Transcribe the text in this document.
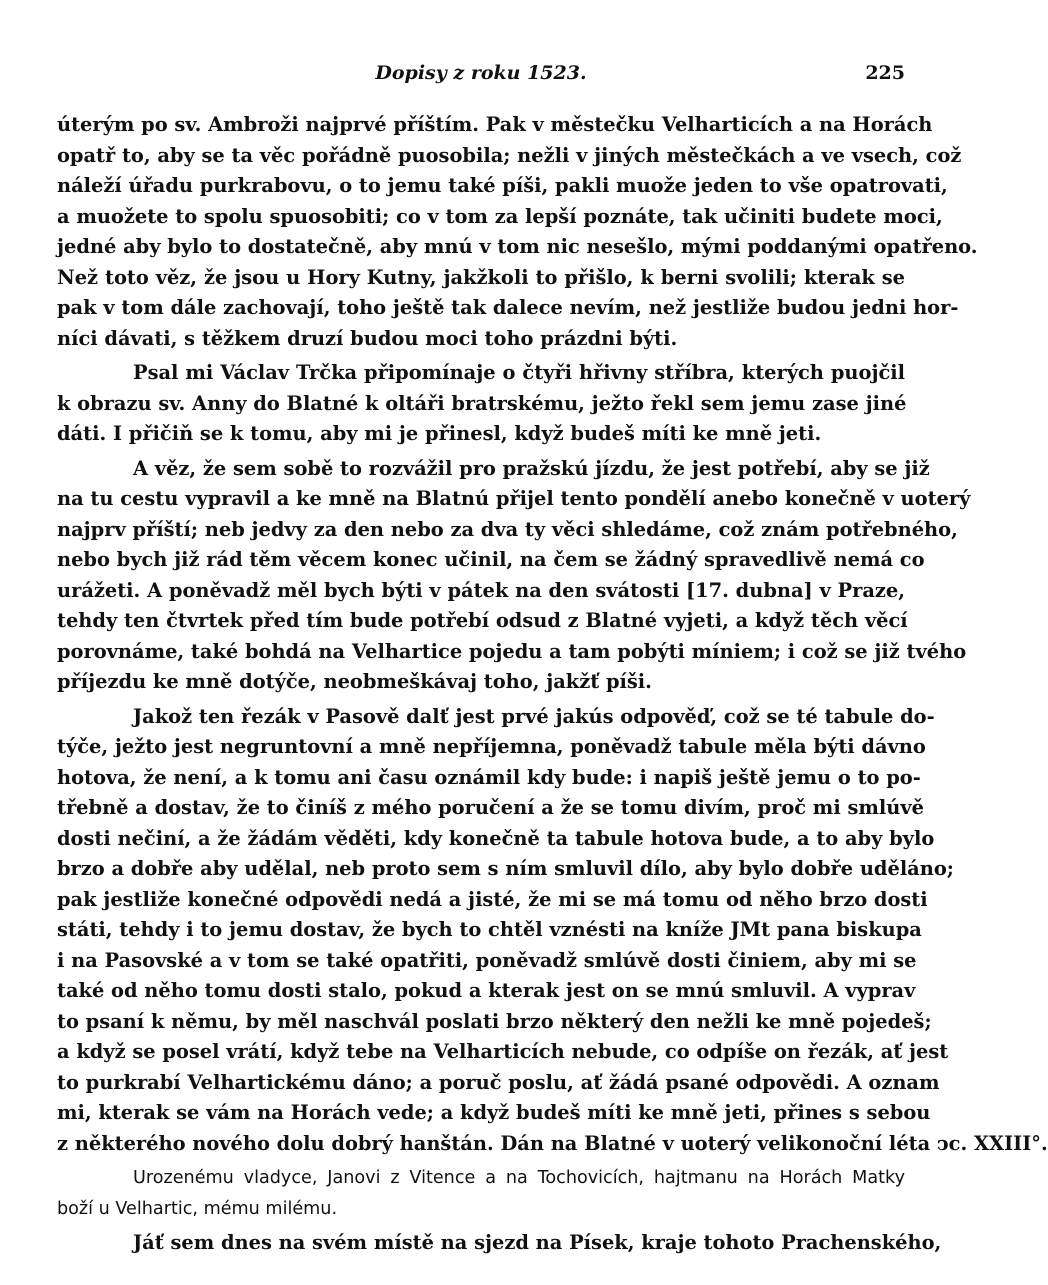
Dopisy z roku 1523.	225
úterým po sv. Ambroži najprvé příštím. Pak v městečku Velharticích a na Horách
opatř to, aby se ta věc pořádně puosobila; nežli v jiných městečkách a ve vsech, což
náleží úřadu purkrabovu, o to jemu také píši, pakli muože jeden to vše opatrovati,
a muožete to spolu spuosobiti; co v tom za lepší poznáte, tak učiniti budete moci,
jedné aby bylo to dostatečně, aby mnú v tom nic nesešlo, mými poddanými opatřeno.
Než toto věz, že jsou u Hory Kutny, jakžkoli to přišlo, k berni svolili; kterak se
pak v tom dále zachovají, toho ještě tak dalece nevím, než jestliže budou jedni hor-
níci dávati, s těžkem druzí budou moci toho prázdni býti.
Psal mi Václav Trčka připomínaje o čtyři hřivny stříbra, kterých puojčil
k obrazu sv. Anny do Blatné k oltáři bratrskému, ježto řekl sem jemu zase jiné
dáti. I přičiň se k tomu, aby mi je přinesl, když budeš míti ke mně jeti.
A věz, že sem sobě to rozvážil pro pražskú jízdu, že jest potřebí, aby se již
na tu cestu vypravil a ke mně na Blatnú přijel tento pondělí anebo konečně v uoterý
najprv příští; neb jedvy za den nebo za dva ty věci shledáme, což znám potřebného,
nebo bych již rád těm věcem konec učinil, na čem se žádný spravedlivě nemá co
urážeti. A poněvadž měl bych býti v pátek na den svátosti [17. dubna] v Praze,
tehdy ten čtvrtek před tím bude potřebí odsud z Blatné vyjeti, a když těch věcí
porovnáme, také bohdá na Velhartice pojedu a tam pobýti míniem; i což se již tvého
příjezdu ke mně dotýče, neobmeškávaj toho, jakžť píši.
Jakož ten řezák v Pasově dalť jest prvé jakús odpověď, což se té tabule do-
týče, ježto jest negruntovní a mně nepříjemna, poněvadž tabule měla býti dávno
hotova, že není, a k tomu ani času oznámil kdy bude: i napiš ještě jemu o to po-
třebně a dostav, že to činíš z mého poručení a že se tomu divím, proč mi smlúvě
dosti nečiní, a že žádám věděti, kdy konečně ta tabule hotova bude, a to aby bylo
brzo a dobře aby udělal, neb proto sem s ním smluvil dílo, aby bylo dobře uděláno;
pak jestliže konečné odpovědi nedá a jisté, že mi se má tomu od něho brzo dosti
státi, tehdy i to jemu dostav, že bych to chtěl vznésti na kníže JMt pana biskupa
i na Pasovské a v tom se také opatřiti, poněvadž smlúvě dosti činiem, aby mi se
také od něho tomu dosti stalo, pokud a kterak jest on se mnú smluvil. A vyprav
to psaní k němu, by měl naschvál poslati brzo některý den nežli ke mně pojedeš;
a když se posel vrátí, když tebe na Velharticích nebude, co odpíše on řezák, ať jest
to purkrabí Velhartickému dáno; a poruč poslu, ať žádá psané odpovědi. A oznam
mi, kterak se vám na Horách vede; a když budeš míti ke mně jeti, přines s sebou
z některého nového dolu dobrý hanštán. Dán na Blatné v uoterý velikonoční léta ͻc. XXIII°.
Urozenému vladyce, Janovi z Vitence a na Tochovicích, hajtmanu na Horách Matky
boží u Velhartic, mému milému.
Jáť sem dnes na svém místě na sjezd na Písek, kraje tohoto Prachenského,
